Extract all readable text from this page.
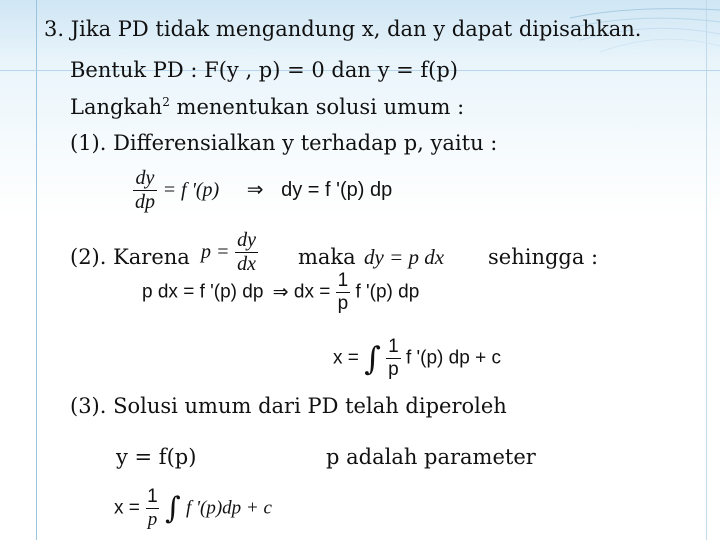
3. Jika PD tidak mengandung x, dan y dapat dipisahkan.
Bentuk PD : F(y , p) = 0 dan y = f(p)
Langkah$^2$ menentukan solusi umum :
(1). Differensialkan y terhadap p, yaitu :
$\frac{dy}{dp} = f$ '(p) ⇒ dy = f '(p) dp
(2). Karena $p = \frac{dy}{dx}$ maka dy = p dx sehingga :
p dx = f '(p) dp ⇒ dx = $\frac{1}{p}$ f '(p) dp
x = ∫ $\frac{1}{p}$ f '(p) dp + c
(3). Solusi umum dari PD telah diperoleh
y = f(p)	p adalah parameter
$x = \frac{1}{p}$ ∫ f '(p)dp + c
